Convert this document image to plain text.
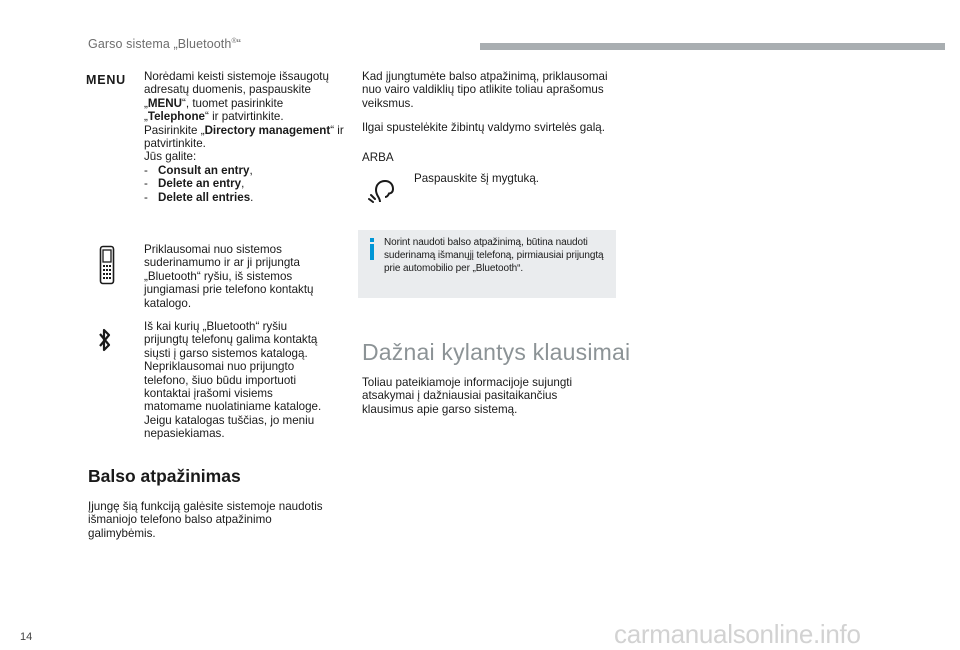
Garso sistema „Bluetooth®“
MENU Norėdami keisti sistemoje išsaugotų adresatų duomenis, paspauskite „MENU“, tuomet pasirinkite „Telephone“ ir patvirtinkite.
Pasirinkite „Directory management“ ir patvirtinkite.
Jūs galite:
- Consult an entry,
- Delete an entry,
- Delete all entries.
Priklausomai nuo sistemos suderinamumo ir ar ji prijungta „Bluetooth“ ryšiu, iš sistemos jungiamasi prie telefono kontaktų katalogo.
Iš kai kurių „Bluetooth“ ryšiu prijungtų telefonų galima kontaktą siųsti į garso sistemos katalogą. Nepriklausomai nuo prijungto telefono, šiuo būdu importuoti kontaktai įrašomi visiems matomame nuolatiniame kataloge. Jeigu katalogas tuščias, jo meniu nepasiekiamas.
Balso atpažinimas
Įjungę šią funkciją galėsite sistemoje naudotis išmaniojo telefono balso atpažinimo galimybėmis.
Kad įjungtumėte balso atpažinimą, priklausomai nuo vairo valdiklių tipo atlikite toliau aprašomus veiksmus.
Ilgai spustelėkite žibintų valdymo svirtelės galą.
ARBA
Paspauskite šį mygtuką.
Norint naudoti balso atpažinimą, būtina naudoti suderinamą išmanųjį telefoną, pirmiausiai prijungtą prie automobilio per „Bluetooth“.
Dažnai kylantys klausimai
Toliau pateikiamoje informacijoje sujungti atsakymai į dažniausiai pasitaikančius klausimus apie garso sistemą.
14	carmanualsonline.info
